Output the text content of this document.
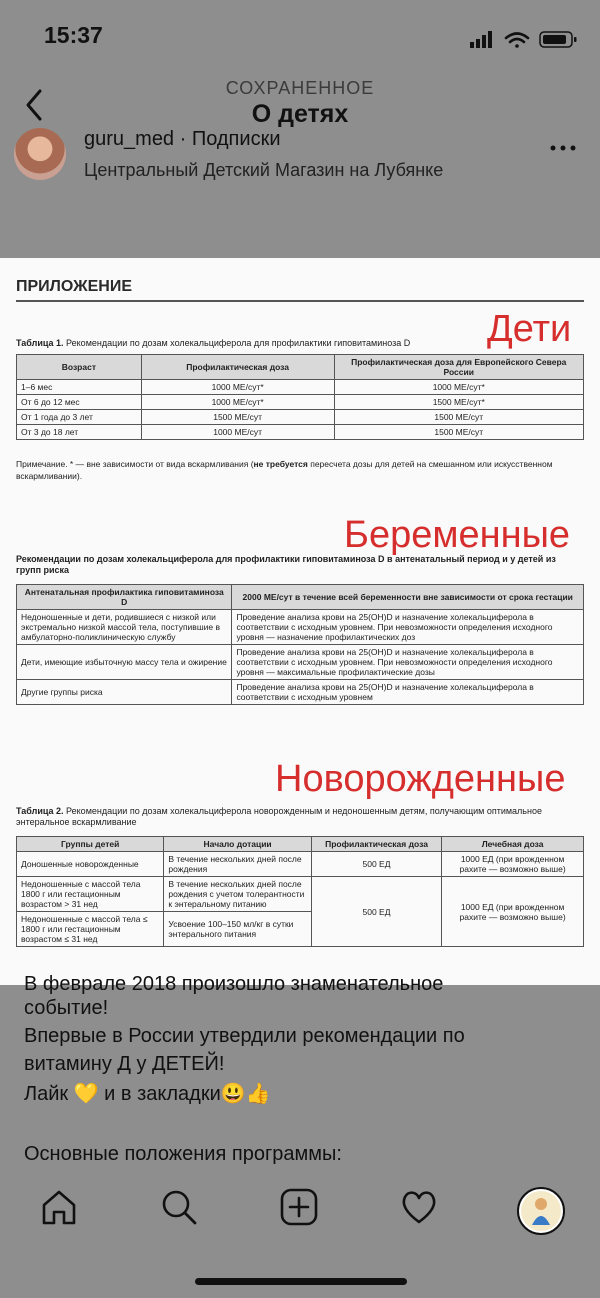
15:37
СОХРАНЕННОЕ
О детях
guru_med · Подписки
Центральный Детский Магазин на Лубянке
ПРИЛОЖЕНИЕ
Дети
Таблица 1. Рекомендации по дозам холекальциферола для профилактики гиповитаминоза D
Возраст	Профилактическая доза	Профилактическая доза для Европейского Севера России
1–6 мес	1000 МЕ/сут*	1000 МЕ/сут*
От 6 до 12 мес	1000 МЕ/сут*	1500 МЕ/сут*
От 1 года до 3 лет	1500 МЕ/сут	1500 МЕ/сут
От 3 до 18 лет	1000 МЕ/сут	1500 МЕ/сут
Примечание. * — вне зависимости от вида вскармливания (не требуется пересчета дозы для детей на смешанном или искусственном вскармливании).
Беременные
Рекомендации по дозам холекальциферола для профилактики гиповитаминоза D в антенатальный период и у детей из групп риска
Антенатальная профилактика гиповитаминоза D	2000 МЕ/сут в течение всей беременности вне зависимости от срока гестации
Недоношенные и дети, родившиеся с низкой или экстремально низкой массой тела, поступившие в амбулаторно-поликлиническую службу	Проведение анализа крови на 25(OH)D и назначение холекальциферола в соответствии с исходным уровнем. При невозможности определения исходного уровня — назначение профилактических доз
Дети, имеющие избыточную массу тела и ожирение	Проведение анализа крови на 25(OH)D и назначение холекальциферола в соответствии с исходным уровнем. При невозможности определения исходного уровня — максимальные профилактические дозы
Другие группы риска	Проведение анализа крови на 25(OH)D и назначение холекальциферола в соответствии с исходным уровнем
Новорожденные
Таблица 2. Рекомендации по дозам холекальциферола новорожденным и недоношенным детям, получающим оптимальное энтеральное вскармливание
Группы детей	Начало дотации	Профилактическая доза	Лечебная доза
Доношенные новорожденные	В течение нескольких дней после рождения	500 ЕД	1000 ЕД (при врожденном рахите — возможно выше)
Недоношенные с массой тела 1800 г или гестационным возрастом > 31 нед	В течение нескольких дней после рождения с учетом толерантности к энтеральному питанию	500 ЕД	1000 ЕД (при врожденном рахите — возможно выше)
Недоношенные с массой тела ≤ 1800 г или гестационным возрастом ≤ 31 нед	Усвоение 100–150 мл/кг в сутки энтерального питания		
В феврале 2018 произошло знаменательное
событие!
Впервые в России утвердили рекомендации по
витамину Д у ДЕТЕЙ!
Лайк 💛 и в закладки😃👍
Основные положения программы:
